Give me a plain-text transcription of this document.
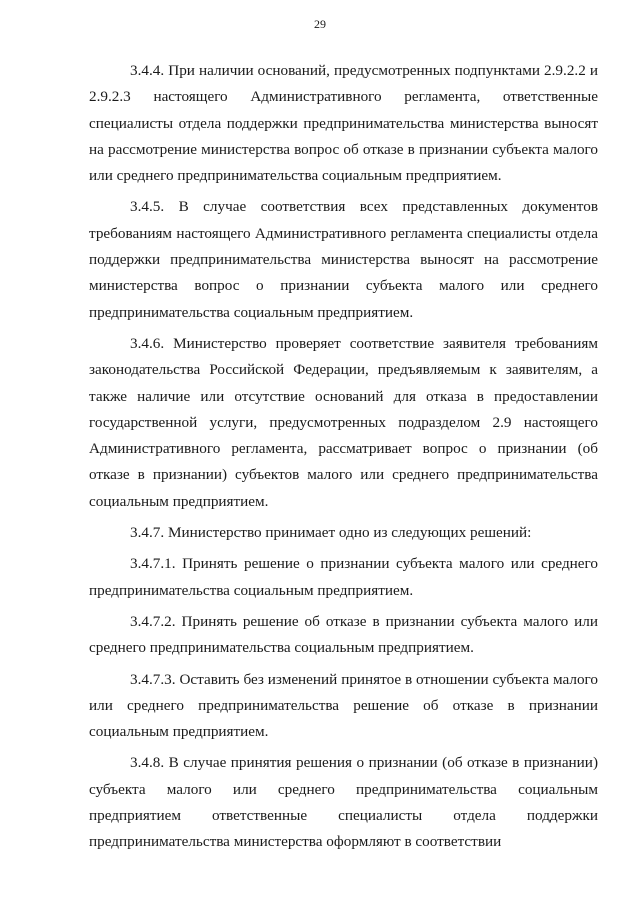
29

3.4.4. При наличии оснований, предусмотренных подпунктами 2.9.2.2 и 2.9.2.3 настоящего Административного регламента, ответственные специалисты отдела поддержки предпринимательства министерства выносят на рассмотрение министерства вопрос об отказе в признании субъекта малого или среднего предпринимательства социальным предприятием.

3.4.5. В случае соответствия всех представленных документов требованиям настоящего Административного регламента специалисты отдела поддержки предпринимательства министерства выносят на рассмотрение министерства вопрос о признании субъекта малого или среднего предпринимательства социальным предприятием.

3.4.6. Министерство проверяет соответствие заявителя требованиям законодательства Российской Федерации, предъявляемым к заявителям, а также наличие или отсутствие оснований для отказа в предоставлении государственной услуги, предусмотренных подразделом 2.9 настоящего Административного регламента, рассматривает вопрос о признании (об отказе в признании) субъектов малого или среднего предпринимательства социальным предприятием.

3.4.7. Министерство принимает одно из следующих решений:

3.4.7.1. Принять решение о признании субъекта малого или среднего предпринимательства социальным предприятием.

3.4.7.2. Принять решение об отказе в признании субъекта малого или среднего предпринимательства социальным предприятием.

3.4.7.3. Оставить без изменений принятое в отношении субъекта малого или среднего предпринимательства решение об отказе в признании социальным предприятием.

3.4.8. В случае принятия решения о признании (об отказе в признании) субъекта малого или среднего предпринимательства социальным предприятием ответственные специалисты отдела поддержки предпринимательства министерства оформляют в соответствии
